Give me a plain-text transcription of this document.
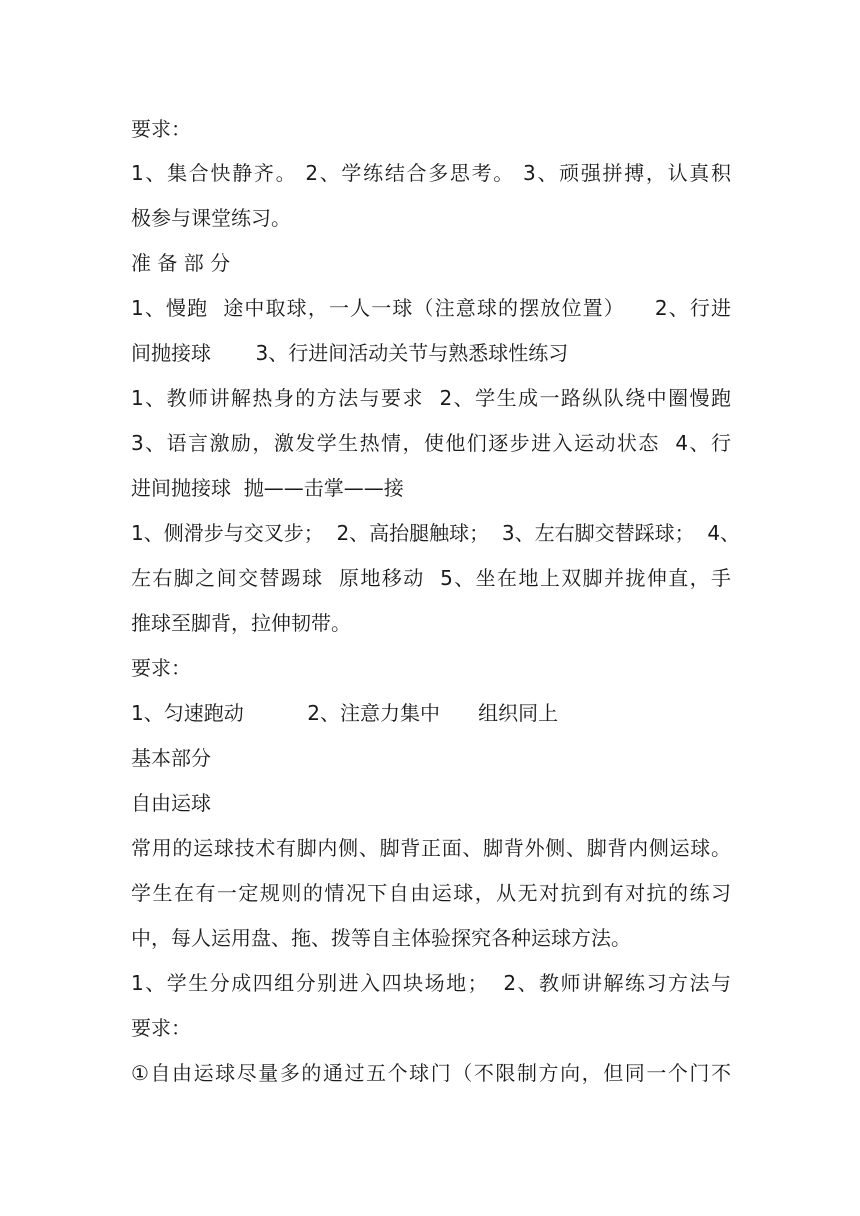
要求：
1、集合快静齐。 2、学练结合多思考。 3、顽强拼搏，认真积
极参与课堂练习。
准 备 部 分
1、慢跑  途中取球，一人一球（注意球的摆放位置）    2、行进
间抛接球       3、行进间活动关节与熟悉球性练习
1、教师讲解热身的方法与要求  2、学生成一路纵队绕中圈慢跑
3、语言激励，激发学生热情，使他们逐步进入运动状态  4、行
进间抛接球  抛——击掌——接
1、侧滑步与交叉步；  2、高抬腿触球；  3、左右脚交替踩球；  4、
左右脚之间交替踢球  原地移动  5、坐在地上双脚并拢伸直，手
推球至脚背，拉伸韧带。
要求：
1、匀速跑动          2、注意力集中      组织同上
基本部分
自由运球
常用的运球技术有脚内侧、脚背正面、脚背外侧、脚背内侧运球。
学生在有一定规则的情况下自由运球，从无对抗到有对抗的练习
中，每人运用盘、拖、拨等自主体验探究各种运球方法。
1、学生分成四组分别进入四块场地；  2、教师讲解练习方法与
要求：
①自由运球尽量多的通过五个球门（不限制方向，但同一个门不
